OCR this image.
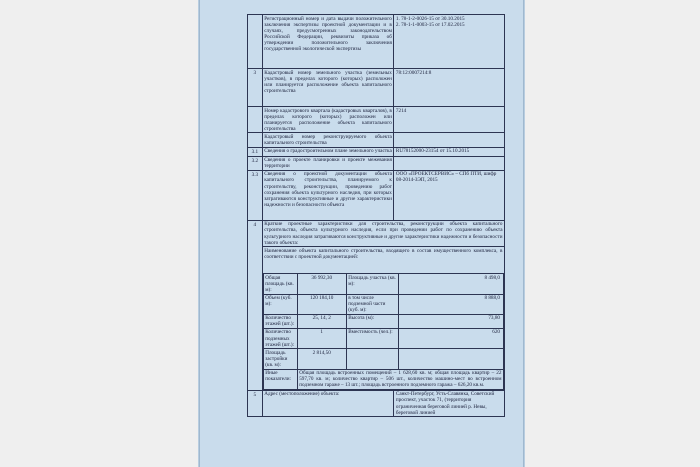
	Регистрационный номер и дата выдачи положительного заключения экспертизы проектной документации и в случаях, предусмотренных законодательством Российской Федерации, реквизиты приказа об утверждении положительного заключения государственной экологической экспертизы	
1. 78-1-2-0026-15 от 30.10.2015
2. 78-1-1-0003-15 от 17.02.2015

3	Кадастровый номер земельного участка (земельных участков), в пределах которого (которых) расположен или планируется расположение объекта капитального строительства	78:12:0007214:8
	Номер кадастрового квартала (кадастровых кварталов), в пределах которого (которых) расположен или планируется расположение объекта капитального строительства	7214
	Кадастровый номер реконструируемого объекта капитального строительства	
3.1	Сведения о градостроительном плане земельного участка	RU78152000-23154 от 15.10.2015
3.2	Сведения о проекте планировки и проекте межевания территории	
3.3	Сведения о проектной документации объекта капитального строительства, планируемого к строительству, реконструкции, проведению работ сохранения объекта культурного наследия, при которых затрагиваются конструктивные и другие характеристики надежности и безопасности объекта	ООО «ПРОЕКТСЕРВИС» – СПб ПТИ, шифр 08-2014-ЗЭП, 2015
4	Краткие проектные характеристики для строительства, реконструкции объекта капитального строительства, объекта культурного наследия, если при проведении работ по сохранению объекта культурного наследия затрагиваются конструктивные и другие характеристики надежности и безопасности такого объекта:
Наименование объекта капитального строительства, входящего в состав имущественного комплекса, в соответствии с проектной документацией:
Общая площадь (кв. м):	36 992,30	Площадь участка (кв. м):	8 498,0
Объем (куб. м):	120 184,10	в том числе подземной части (куб. м):	8 888,0
Количество этажей (шт.):	25, 14, 2	Высота (м):	73,80
Количество подземных этажей (шт.):	1	Вместимость (чел.):	620
Площадь застройки (кв. м):	2 814,50		
Иные показатели:	Общая площадь встроенных помещений – 1 628,60 кв. м; общая площадь квартир – 22 597,70 кв. м; количество квартир – 506 шт., количество машино-мест во встроенном подземном гараже – 13 шт.; площадь встроенного подземного гаража – 626,20 кв.м.

5	Адрес (местоположение) объекта:	Санкт-Петербург, Усть-Славянка, Советский проспект, участок 71, (территория ограниченная береговой линией р. Невы, береговой линией
